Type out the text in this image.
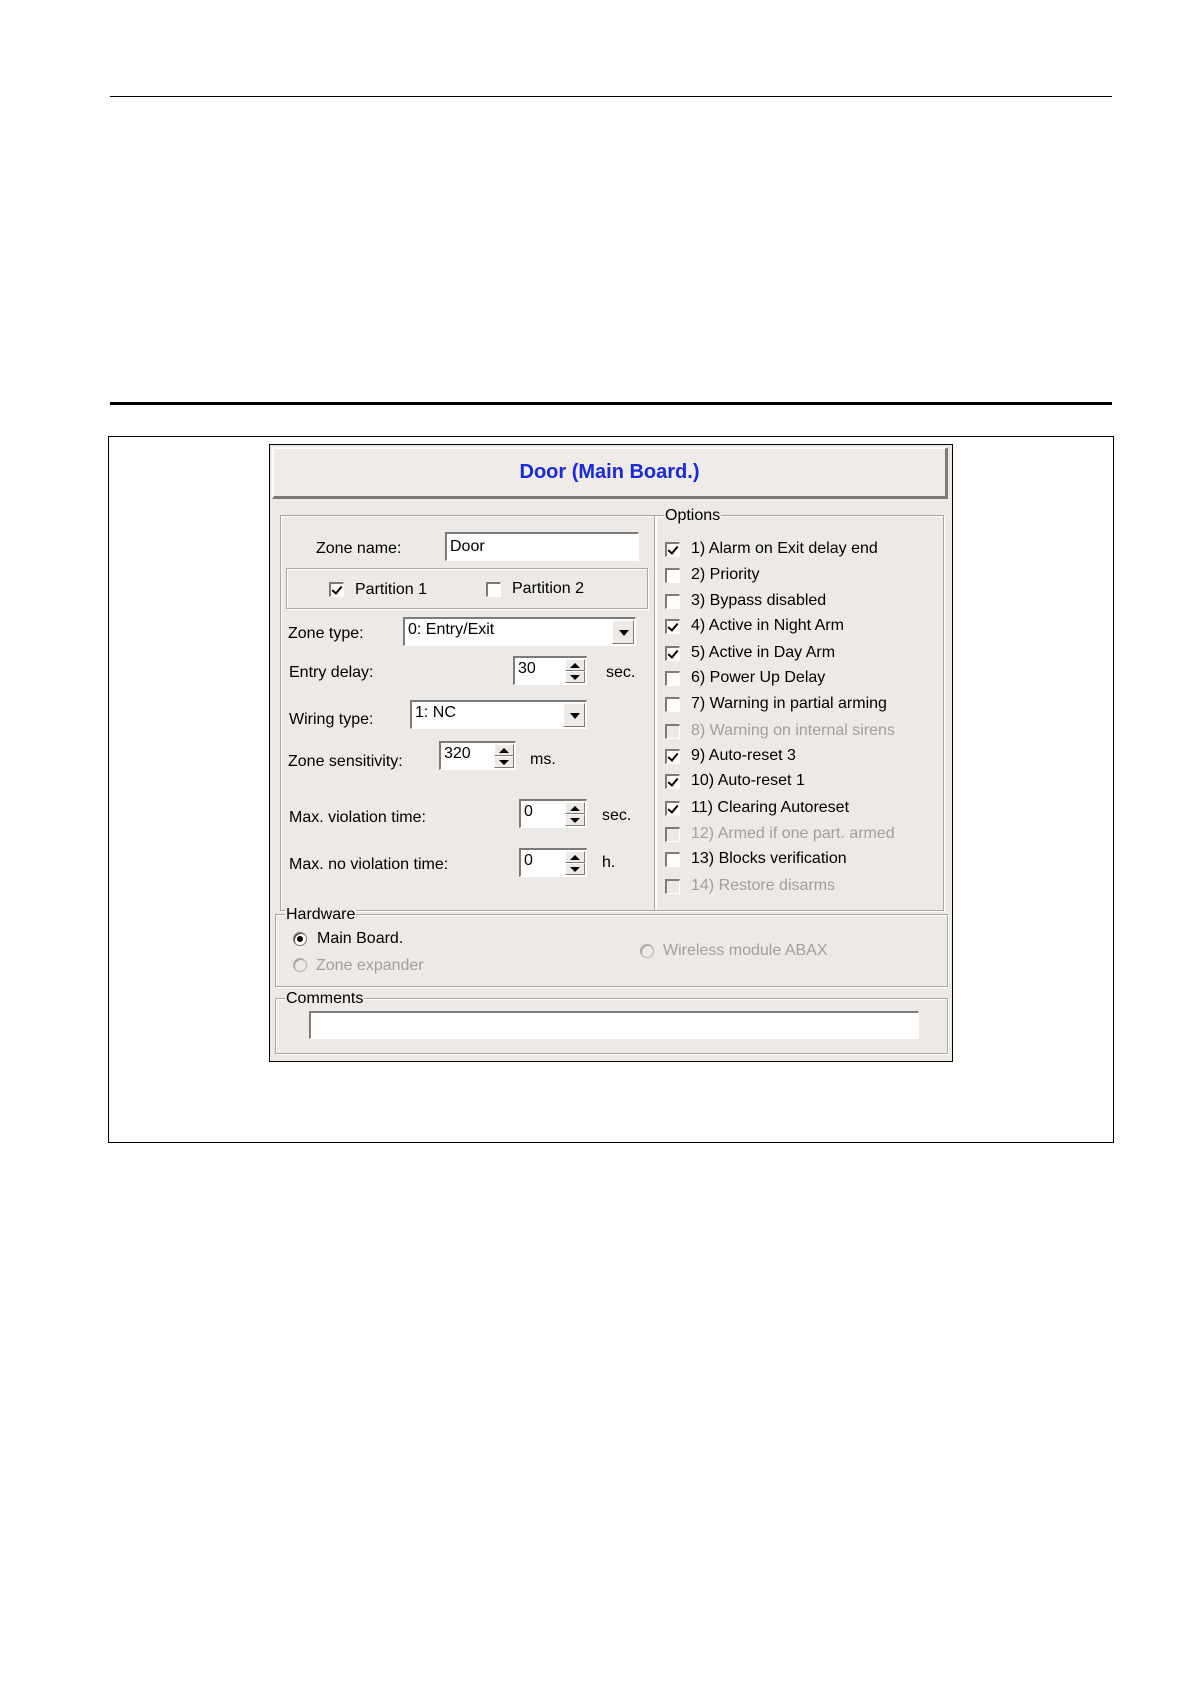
Door (Main Board.)
Zone name:	Door
Partition 1	Partition 2
Zone type:	0: Entry/Exit
Entry delay:	30	sec.
Wiring type:	1: NC
Zone sensitivity:	320	ms.
Max. violation time:	0	sec.
Max. no violation time:	0	h.
Options
1) Alarm on Exit delay end
2) Priority
3) Bypass disabled
4) Active in Night Arm
5) Active in Day Arm
6) Power Up Delay
7) Warning in partial arming
8) Warning on internal sirens
9) Auto-reset 3
10) Auto-reset 1
11) Clearing Autoreset
12) Armed if one part. armed
13) Blocks verification
14) Restore disarms
Hardware
Main Board.
Zone expander
Wireless module ABAX
Comments
